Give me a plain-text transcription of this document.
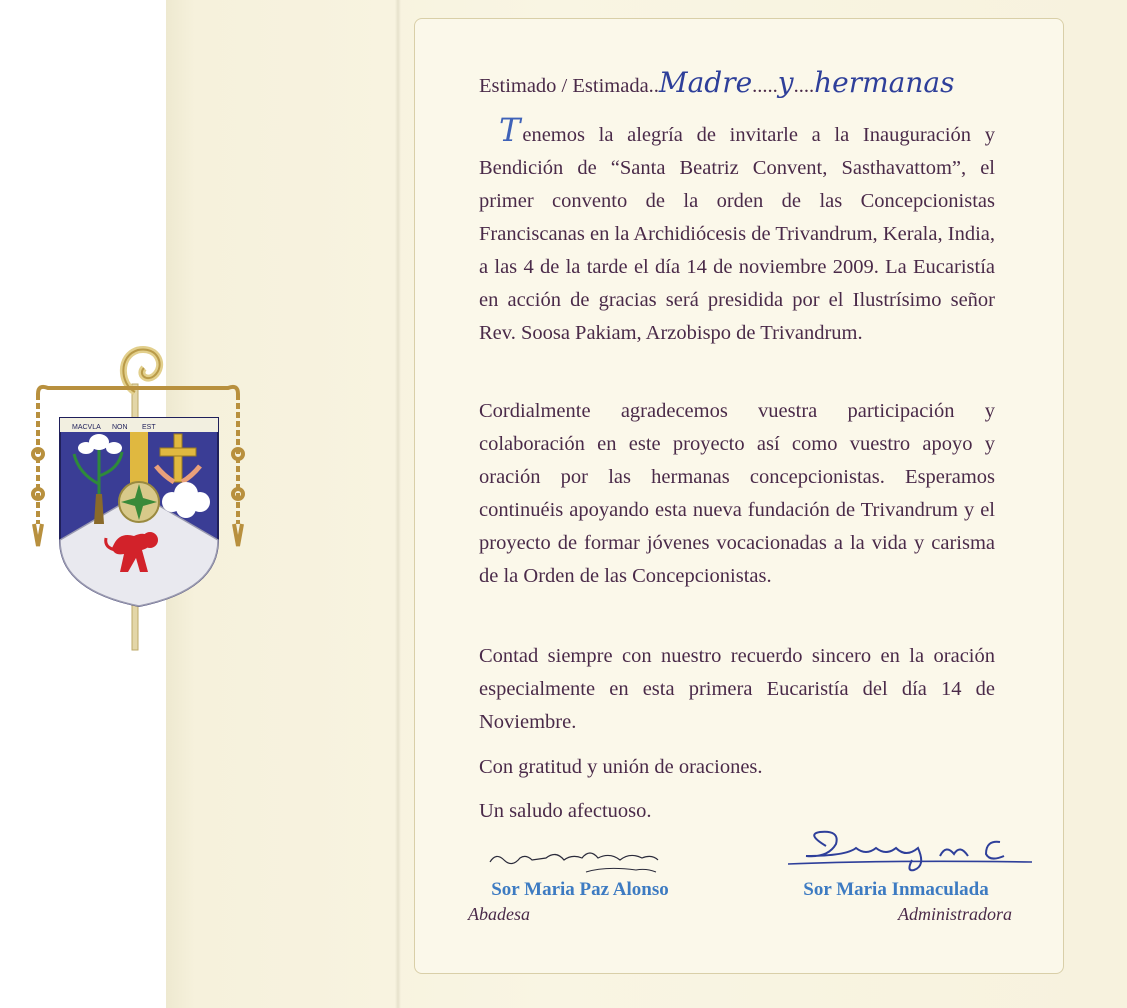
MACVLA NON EST
Estimado / Estimada..Madre.....y....hermanas
Tenemos la alegría de invitarle a la Inauguración y Bendición de “Santa Beatriz Convent, Sasthavattom”, el primer convento de la orden de las Concepcionistas Franciscanas en la Archidiócesis de Trivandrum, Kerala, India, a las 4 de la tarde el día 14 de noviembre 2009. La Eucaristía en acción de gracias será presidida por el Ilustrísimo señor Rev. Soosa Pakiam, Arzobispo de Trivandrum.
Cordialmente agradecemos vuestra participación y colaboración en este proyecto así como vuestro apoyo y oración por las hermanas concepcionistas. Esperamos continuéis apoyando esta nueva fundación de Trivandrum y el proyecto de formar jóvenes vocacionadas a la vida y carisma de la Orden de las Concepcionistas.
Contad siempre con nuestro recuerdo sincero en la oración especialmente en esta primera Eucaristía del día 14 de Noviembre.
Con gratitud y unión de oraciones.
Un saludo afectuoso.
Sor Maria Paz Alonso
Abadesa
Sor Maria Inmaculada
Administradora
